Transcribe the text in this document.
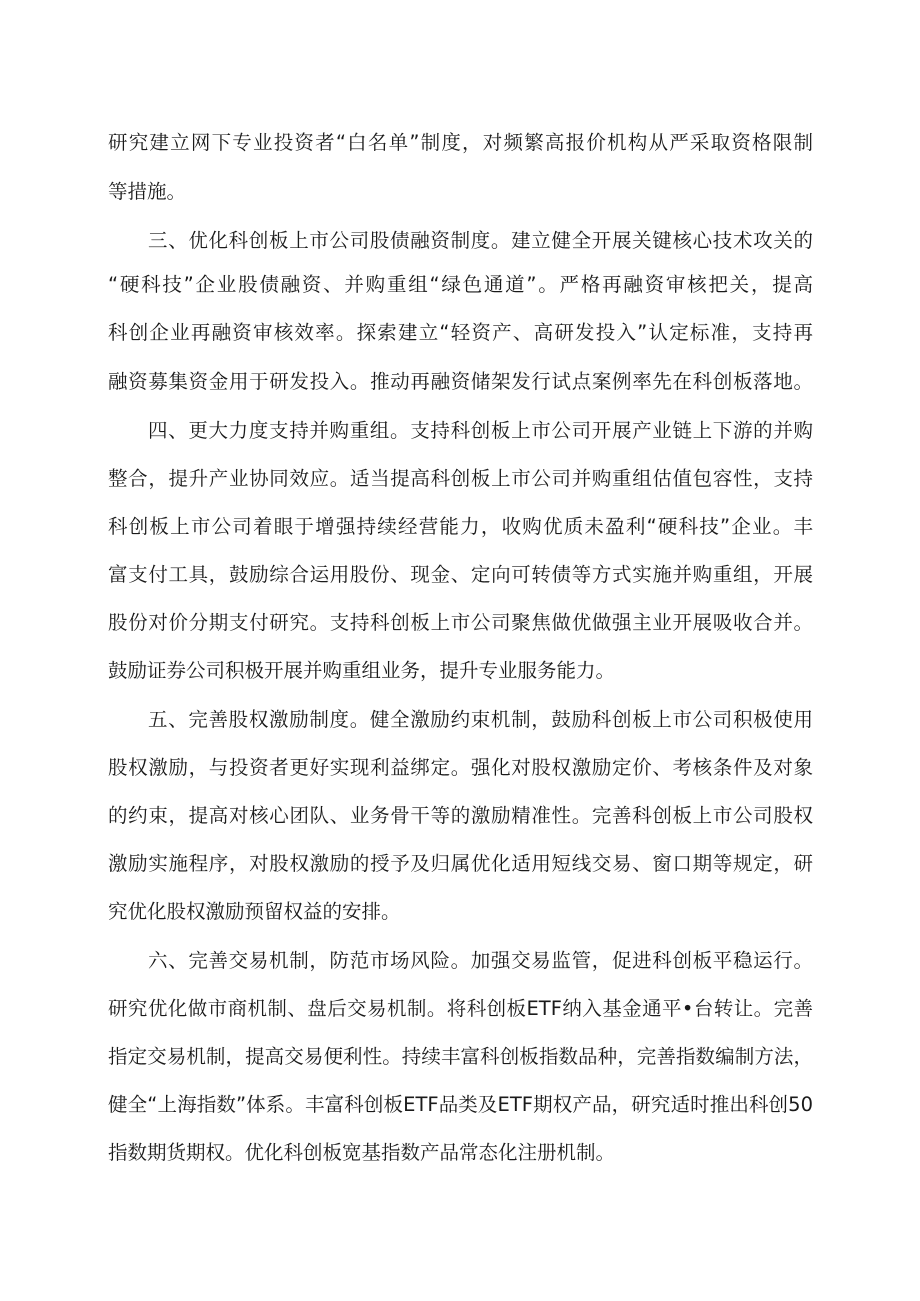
研究建立网下专业投资者“白名单”制度，对频繁高报价机构从严采取资格限制

等措施。

三、优化科创板上市公司股债融资制度。建立健全开展关键核心技术攻关的

“硬科技”企业股债融资、并购重组“绿色通道”。严格再融资审核把关，提高

科创企业再融资审核效率。探索建立“轻资产、高研发投入”认定标准，支持再

融资募集资金用于研发投入。推动再融资储架发行试点案例率先在科创板落地。

四、更大力度支持并购重组。支持科创板上市公司开展产业链上下游的并购

整合，提升产业协同效应。适当提高科创板上市公司并购重组估值包容性，支持

科创板上市公司着眼于增强持续经营能力，收购优质未盈利“硬科技”企业。丰

富支付工具，鼓励综合运用股份、现金、定向可转债等方式实施并购重组，开展

股份对价分期支付研究。支持科创板上市公司聚焦做优做强主业开展吸收合并。

鼓励证券公司积极开展并购重组业务，提升专业服务能力。

五、完善股权激励制度。健全激励约束机制，鼓励科创板上市公司积极使用

股权激励，与投资者更好实现利益绑定。强化对股权激励定价、考核条件及对象

的约束，提高对核心团队、业务骨干等的激励精准性。完善科创板上市公司股权

激励实施程序，对股权激励的授予及归属优化适用短线交易、窗口期等规定，研

究优化股权激励预留权益的安排。

六、完善交易机制，防范市场风险。加强交易监管，促进科创板平稳运行。

研究优化做市商机制、盘后交易机制。将科创板ETF纳入基金通平•台转让。完善

指定交易机制，提高交易便利性。持续丰富科创板指数品种，完善指数编制方法，

健全“上海指数”体系。丰富科创板ETF品类及ETF期权产品，研究适时推出科创50

指数期货期权。优化科创板宽基指数产品常态化注册机制。
